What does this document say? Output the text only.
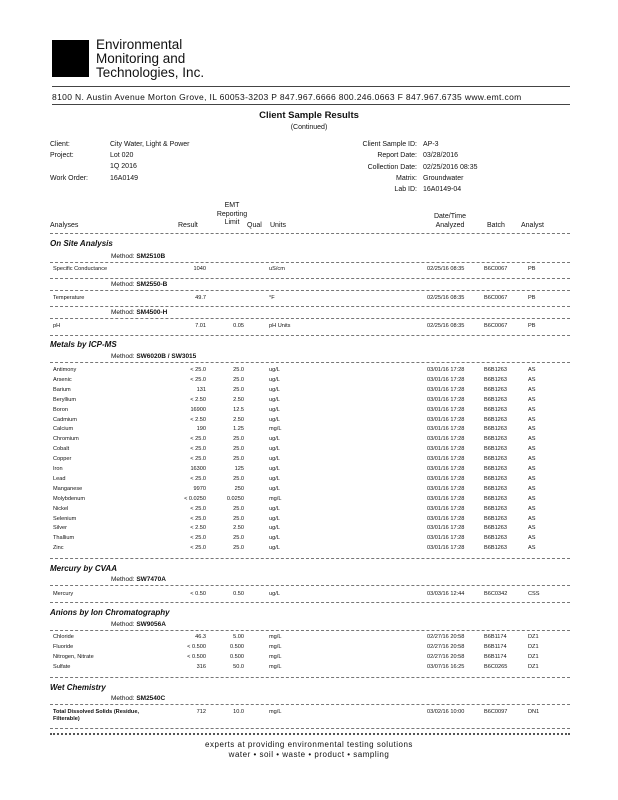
Environmental
Monitoring and
Technologies, Inc.
8100 N. Austin Avenue Morton Grove, IL 60053-3203 P 847.967.6666 800.246.0663 F 847.967.6735 www.emt.com
Client Sample Results
(Continued)
Client:	City Water, Light & Power
Project:	Lot 020
1Q 2016
Work Order:	16A0149
Client Sample ID: AP-3
Report Date: 03/28/2016
Collection Date: 02/25/2016 08:35
Matrix: Groundwater
Lab ID: 16A0149-04
Analyses	Result
EMT
Reporting
Limit	Qual Units
Date/Time
Analyzed	Batch Analyst
On Site Analysis
Method: SM2510B
Specific Conductance	1040	uS/cm	02/25/16 08:35	B6C0067	PB
Method: SM2550-B
Temperature	49.7	°F	02/25/16 08:35	B6C0067	PB
Method: SM4500-H
pH	7.01	0.05	pH Units	02/25/16 08:35	B6C0067	PB
Metals by ICP-MS
Method: SW6020B / SW3015
Antimony	< 25.0	25.0	ug/L	03/01/16 17:28	B6B1263	AS
Arsenic	< 25.0	25.0	ug/L	03/01/16 17:28	B6B1263	AS
Barium	131	25.0	ug/L	03/01/16 17:28	B6B1263	AS
Beryllium	< 2.50	2.50	ug/L	03/01/16 17:28	B6B1263	AS
Boron	16900	12.5	ug/L	03/01/16 17:28	B6B1263	AS
Cadmium	< 2.50	2.50	ug/L	03/01/16 17:28	B6B1263	AS
Calcium	190	1.25	mg/L	03/01/16 17:28	B6B1263	AS
Chromium	< 25.0	25.0	ug/L	03/01/16 17:28	B6B1263	AS
Cobalt	< 25.0	25.0	ug/L	03/01/16 17:28	B6B1263	AS
Copper	< 25.0	25.0	ug/L	03/01/16 17:28	B6B1263	AS
Iron	16300	125	ug/L	03/01/16 17:28	B6B1263	AS
Lead	< 25.0	25.0	ug/L	03/01/16 17:28	B6B1263	AS
Manganese	9970	250	ug/L	03/01/16 17:28	B6B1263	AS
Molybdenum	< 0.0250	0.0250	mg/L	03/01/16 17:28	B6B1263	AS
Nickel	< 25.0	25.0	ug/L	03/01/16 17:28	B6B1263	AS
Selenium	< 25.0	25.0	ug/L	03/01/16 17:28	B6B1263	AS
Silver	< 2.50	2.50	ug/L	03/01/16 17:28	B6B1263	AS
Thallium	< 25.0	25.0	ug/L	03/01/16 17:28	B6B1263	AS
Zinc	< 25.0	25.0	ug/L	03/01/16 17:28	B6B1263	AS
Mercury by CVAA
Method: SW7470A
Mercury	< 0.50	0.50	ug/L	03/03/16 12:44	B6C0342	CSS
Anions by Ion Chromatography
Method: SW9056A
Chloride	46.3	5.00	mg/L	02/27/16 20:58	B6B1174	DZ1
Fluoride	< 0.500	0.500	mg/L	02/27/16 20:58	B6B1174	DZ1
Nitrogen, Nitrate	< 0.500	0.500	mg/L	02/27/16 20:58	B6B1174	DZ1
Sulfate	316	50.0	mg/L	03/07/16 16:25	B6C0265	DZ1
Wet Chemistry
Method: SM2540C
Total Dissolved Solids (Residue, Filterable)
712	10.0	mg/L	03/02/16 10:00	B6C0097	DN1
experts at providing environmental testing solutions
water • soil • waste • product • sampling
